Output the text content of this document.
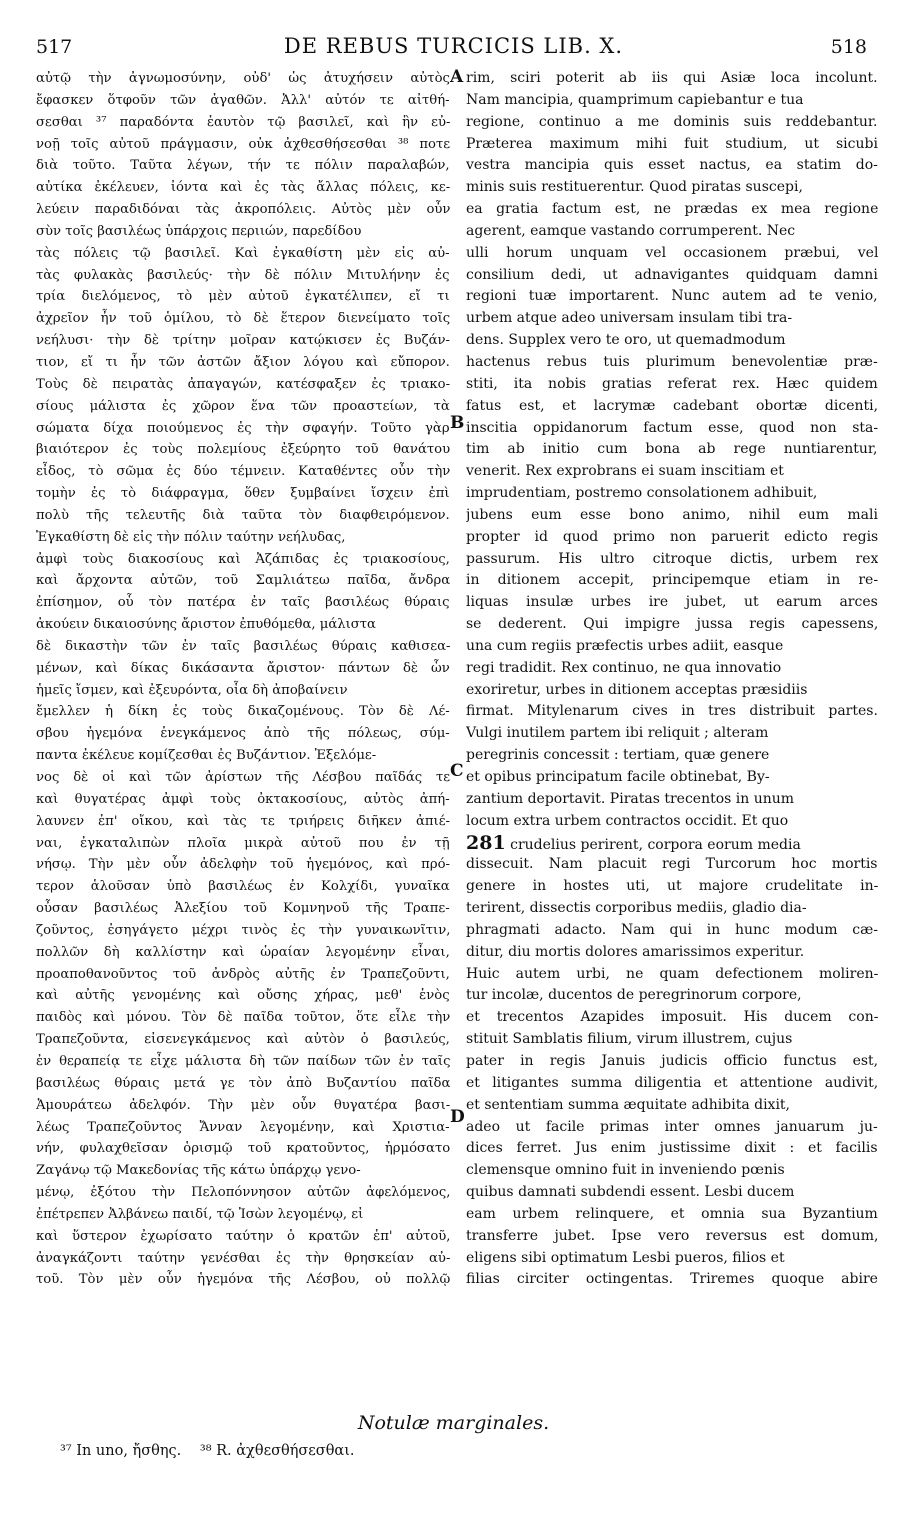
517	DE REBUS TURCICIS LIB. X.	518
αὐτῷ τὴν ἀγνωμοσύνην, οὐδ' ὡς ἀτυχήσειν αὐτὸς
ἔφασκεν ὅτφοῦν τῶν ἀγαθῶν. Ἀλλ' αὐτόν τε αἰτθή-
σεσθαι ³⁷ παραδόντα ἑαυτὸν τῷ βασιλεῖ, καὶ ἣν εὐ-
νοῇ τοῖς αὐτοῦ πράγμασιν, οὐκ ἀχθεσθήσεσθαι ³⁸ ποτε
διὰ τοῦτο. Ταῦτα λέγων, τήν τε πόλιν παραλαβών,
αὐτίκα ἐκέλευεν, ἰόντα καὶ ἐς τὰς ἄλλας πόλεις, κε-
λεύειν παραδιδόναι τὰς ἀκροπόλεις. Αὐτὸς μὲν οὖν
σὺν τοῖς βασιλέως ὑπάρχοις περιιών, παρεδίδου
τὰς πόλεις τῷ βασιλεῖ. Καὶ ἐγκαθίστη μὲν εἰς αὐ-
τὰς φυλακὰς βασιλεύς· τὴν δὲ πόλιν Μιτυλήνην ἐς
τρία διελόμενος, τὸ μὲν αὐτοῦ ἐγκατέλιπεν, εἴ τι
ἀχρεῖον ἦν τοῦ ὁμίλου, τὸ δὲ ἕτερον διενείματο τοῖς
νεήλυσι· τὴν δὲ τρίτην μοῖραν κατῴκισεν ἐς Βυζάν-
τιον, εἴ τι ἦν τῶν ἀστῶν ἄξιον λόγου καὶ εὔπορον.
Τοὺς δὲ πειρατὰς ἀπαγαγών, κατέσφαξεν ἐς τριακο-
σίους μάλιστα ἐς χῶρον ἕνα τῶν προαστείων, τὰ
σώματα δίχα ποιούμενος ἐς τὴν σφαγήν. Τοῦτο γὰρ
βιαιότερον ἐς τοὺς πολεμίους ἐξεύρητο τοῦ θανάτου
εἶδος, τὸ σῶμα ἐς δύο τέμνειν. Καταθέντες οὖν τὴν
τομὴν ἐς τὸ διάφραγμα, ὅθεν ξυμβαίνει ἴσχειν ἐπὶ
πολὺ τῆς τελευτῆς διὰ ταῦτα τὸν διαφθειρόμενον.
Ἐγκαθίστη δὲ εἰς τὴν πόλιν ταύτην νεήλυδας,
ἀμφὶ τοὺς διακοσίους καὶ Ἀζάπιδας ἐς τριακοσίους,
καὶ ἄρχοντα αὐτῶν, τοῦ Σαμλιάτεω παῖδα, ἄνδρα
ἐπίσημον, οὗ τὸν πατέρα ἐν ταῖς βασιλέως θύραις
ἀκούειν δικαιοσύνης ἄριστον ἐπυθόμεθα, μάλιστα
δὲ δικαστὴν τῶν ἐν ταῖς βασιλέως θύραις καθισεα-
μένων, καὶ δίκας δικάσαντα ἄριστον· πάντων δὲ ὧν
ἡμεῖς ἴσμεν, καὶ ἐξευρόντα, οἷα δὴ ἀποβαίνειν
ἔμελλεν ἡ δίκη ἐς τοὺς δικαζομένους. Τὸν δὲ Λέ-
σβου ἡγεμόνα ἐνεγκάμενος ἀπὸ τῆς πόλεως, σύμ-
παντα ἐκέλευε κομίζεσθαι ἐς Βυζάντιον. Ἐξελόμε-
νος δὲ οἱ καὶ τῶν ἀρίστων τῆς Λέσβου παῖδάς τε
καὶ θυγατέρας ἀμφὶ τοὺς ὀκτακοσίους, αὐτὸς ἀπή-
λαυνεν ἐπ' οἴκου, καὶ τὰς τε τριήρεις διῆκεν ἀπιέ-
ναι, ἐγκαταλιπὼν πλοῖα μικρὰ αὐτοῦ που ἐν τῇ
νήσῳ. Τὴν μὲν οὖν ἀδελφὴν τοῦ ἡγεμόνος, καὶ πρό-
τερον ἁλοῦσαν ὑπὸ βασιλέως ἐν Κολχίδι, γυναῖκα
οὖσαν βασιλέως Ἀλεξίου τοῦ Κομνηνοῦ τῆς Τραπε-
ζοῦντος, ἐσηγάγετο μέχρι τινὸς ἐς τὴν γυναικωνῖτιν,
πολλῶν δὴ καλλίστην καὶ ὡραίαν λεγομένην εἶναι,
προαποθανοῦντος τοῦ ἀνδρὸς αὐτῆς ἐν Τραπεζοῦντι,
καὶ αὐτῆς γενομένης καὶ οὔσης χήρας, μεθ' ἑνὸς
παιδὸς καὶ μόνου. Τὸν δὲ παῖδα τοῦτον, ὅτε εἷλε τὴν
Τραπεζοῦντα, εἰσενεγκάμενος καὶ αὐτὸν ὁ βασιλεύς,
ἐν θεραπείᾳ τε εἶχε μάλιστα δὴ τῶν παίδων τῶν ἐν ταῖς
βασιλέως θύραις μετά γε τὸν ἀπὸ Βυζαντίου παῖδα
Ἀμουράτεω ἀδελφόν. Τὴν μὲν οὖν θυγατέρα βασι-
λέως Τραπεζοῦντος Ἄνναν λεγομένην, καὶ Χριστια-
νήν, φυλαχθεῖσαν ὁρισμῷ τοῦ κρατοῦντος, ἡρμόσατο
Ζαγάνῳ τῷ Μακεδονίας τῆς κάτω ὑπάρχῳ γενο-
μένῳ, ἐξότου τὴν Πελοπόννησον αὐτῶν ἀφελόμενος,
ἐπέτρεπεν Ἀλβάνεω παιδί, τῷ Ἰσὼν λεγομένῳ, εἰ
καὶ ὕστερον ἐχωρίσατο ταύτην ὁ κρατῶν ἐπ' αὐτοῦ,
ἀναγκάζοντι ταύτην γενέσθαι ἐς τὴν θρησκείαν αὐ-
τοῦ. Τὸν μὲν οὖν ἡγεμόνα τῆς Λέσβου, οὐ πολλῷ
rim, sciri poterit ab iis qui Asiæ loca incolunt.
Nam mancipia, quamprimum capiebantur e tua
regione, continuo a me dominis suis reddebantur.
Præterea maximum mihi fuit studium, ut sicubi
vestra mancipia quis esset nactus, ea statim do-
minis suis restituerentur. Quod piratas suscepi,
ea gratia factum est, ne prædas ex mea regione
agerent, eamque vastando corrumperent. Nec
ulli horum unquam vel occasionem præbui, vel
consilium dedi, ut adnavigantes quidquam damni
regioni tuæ importarent. Nunc autem ad te venio,
urbem atque adeo universam insulam tibi tra-
dens. Supplex vero te oro, ut quemadmodum
hactenus rebus tuis plurimum benevolentiæ præ-
stiti, ita nobis gratias referat rex. Hæc quidem
fatus est, et lacrymæ cadebant obortæ dicenti,
inscitia oppidanorum factum esse, quod non sta-
tim ab initio cum bona ab rege nuntiarentur,
venerit. Rex exprobrans ei suam inscitiam et
imprudentiam, postremo consolationem adhibuit,
jubens eum esse bono animo, nihil eum mali
propter id quod primo non paruerit edicto regis
passurum. His ultro citroque dictis, urbem rex
in ditionem accepit, principemque etiam in re-
liquas insulæ urbes ire jubet, ut earum arces
se dederent. Qui impigre jussa regis capessens,
una cum regiis præfectis urbes adiit, easque
regi tradidit. Rex continuo, ne qua innovatio
exoriretur, urbes in ditionem acceptas præsidiis
firmat. Mitylenarum cives in tres distribuit partes.
Vulgi inutilem partem ibi reliquit ; alteram
peregrinis concessit : tertiam, quæ genere
et opibus principatum facile obtinebat, By-
zantium deportavit. Piratas trecentos in unum
locum extra urbem contractos occidit. Et quo
281 crudelius perirent, corpora eorum media
dissecuit. Nam placuit regi Turcorum hoc mortis
genere in hostes uti, ut majore crudelitate in-
terirent, dissectis corporibus mediis, gladio dia-
phragmati adacto. Nam qui in hunc modum cæ-
ditur, diu mortis dolores amarissimos experitur.
Huic autem urbi, ne quam defectionem moliren-
tur incolæ, ducentos de peregrinorum corpore,
et trecentos Azapides imposuit. His ducem con-
stituit Samblatis filium, virum illustrem, cujus
pater in regis Januis judicis officio functus est,
et litigantes summa diligentia et attentione audivit,
et sententiam summa æquitate adhibita dixit,
adeo ut facile primas inter omnes januarum ju-
dices ferret. Jus enim justissime dixit : et facilis
clemensque omnino fuit in inveniendo pœnis
quibus damnati subdendi essent. Lesbi ducem
eam urbem relinquere, et omnia sua Byzantium
transferre jubet. Ipse vero reversus est domum,
eligens sibi optimatum Lesbi pueros, filios et
filias circiter octingentas. Triremes quoque abire
A
B
C
D
Notulæ marginales.
³⁷ In uno, ἤσθης. ³⁸ R. ἀχθεσθήσεσθαι.
